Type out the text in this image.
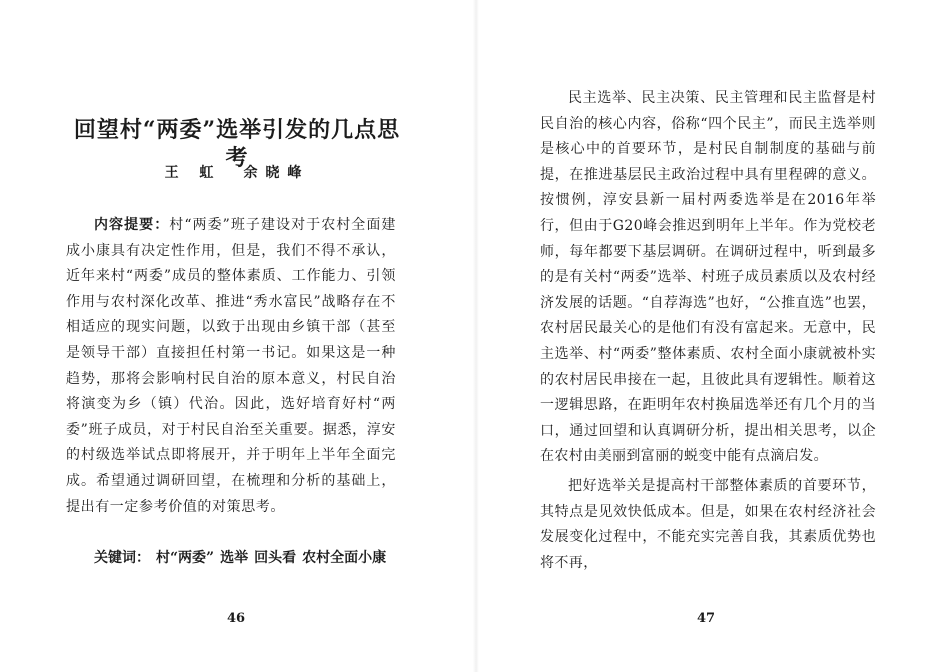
回望村“两委”选举引发的几点思考
王 虹 余晓峰

内容提要：村“两委”班子建设对于农村全面建成小康具有决定性作用，但是，我们不得不承认，近年来村“两委”成员的整体素质、工作能力、引领作用与农村深化改革、推进“秀水富民”战略存在不相适应的现实问题，以致于出现由乡镇干部（甚至是领导干部）直接担任村第一书记。如果这是一种趋势，那将会影响村民自治的原本意义，村民自治将演变为乡（镇）代治。因此，选好培育好村“两委”班子成员，对于村民自治至关重要。据悉，淳安的村级选举试点即将展开，并于明年上半年全面完成。希望通过调研回望，在梳理和分析的基础上，提出有一定参考价值的对策思考。

关键词： 村“两委” 选举 回头看 农村全面小康
46

民主选举、民主决策、民主管理和民主监督是村民自治的核心内容，俗称“四个民主”，而民主选举则是核心中的首要环节，是村民自制制度的基础与前提，在推进基层民主政治过程中具有里程碑的意义。按惯例，淳安县新一届村两委选举是在2016年举行，但由于G20峰会推迟到明年上半年。作为党校老师，每年都要下基层调研。在调研过程中，听到最多的是有关村“两委”选举、村班子成员素质以及农村经济发展的话题。“自荐海选”也好，“公推直选”也罢，农村居民最关心的是他们有没有富起来。无意中，民主选举、村“两委”整体素质、农村全面小康就被朴实的农村居民串接在一起，且彼此具有逻辑性。顺着这一逻辑思路，在距明年农村换届选举还有几个月的当口，通过回望和认真调研分析，提出相关思考，以企在农村由美丽到富丽的蜕变中能有点滴启发。

把好选举关是提高村干部整体素质的首要环节，其特点是见效快低成本。但是，如果在农村经济社会发展变化过程中，不能充实完善自我，其素质优势也将不再，

47
